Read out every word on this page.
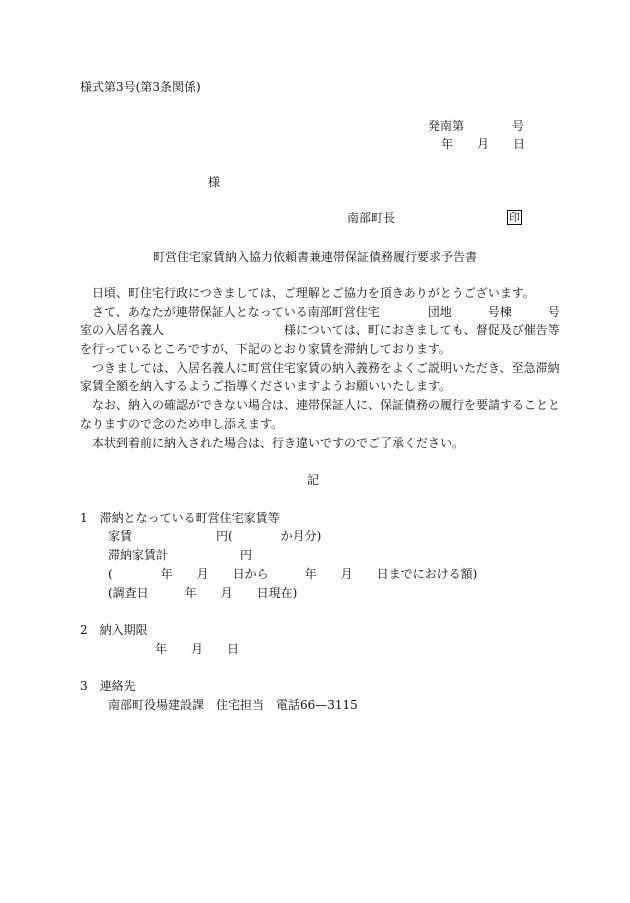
様式第3号(第3条関係)
発南第　　　　号
年　　月　　日
様
南部町長	印
町営住宅家賃納入協力依頼書兼連帯保証債務履行要求予告書
日頃、町住宅行政につきましては、ご理解とご協力を頂きありがとうございます。
さて、あなたが連帯保証人となっている南部町営住宅　　　　団地　　　号棟　　　号
室の入居名義人　　　　　　　　　　様については、町におきましても、督促及び催告等
を行っているところですが、下記のとおり家賃を滞納しております。
つきましては、入居名義人に町営住宅家賃の納入義務をよくご説明いただき、至急滞納
家賃全額を納入するようご指導くださいますようお願いいたします。
なお、納入の確認ができない場合は、連帯保証人に、保証債務の履行を要請することと
なりますので念のため申し添えます。
本状到着前に納入された場合は、行き違いですのでご了承ください。
記
1　滞納となっている町営住宅家賃等
家賃　　　　　　　円(　　　　か月分)
滞納家賃計　　　　　　円
(　　　　年　　月　　日から　　　年　　月　　日までにおける額)
(調査日　　　年　　月　　日現在)
2　納入期限
年　　月　　日
3　連絡先
南部町役場建設課　住宅担当　電話66—3115
